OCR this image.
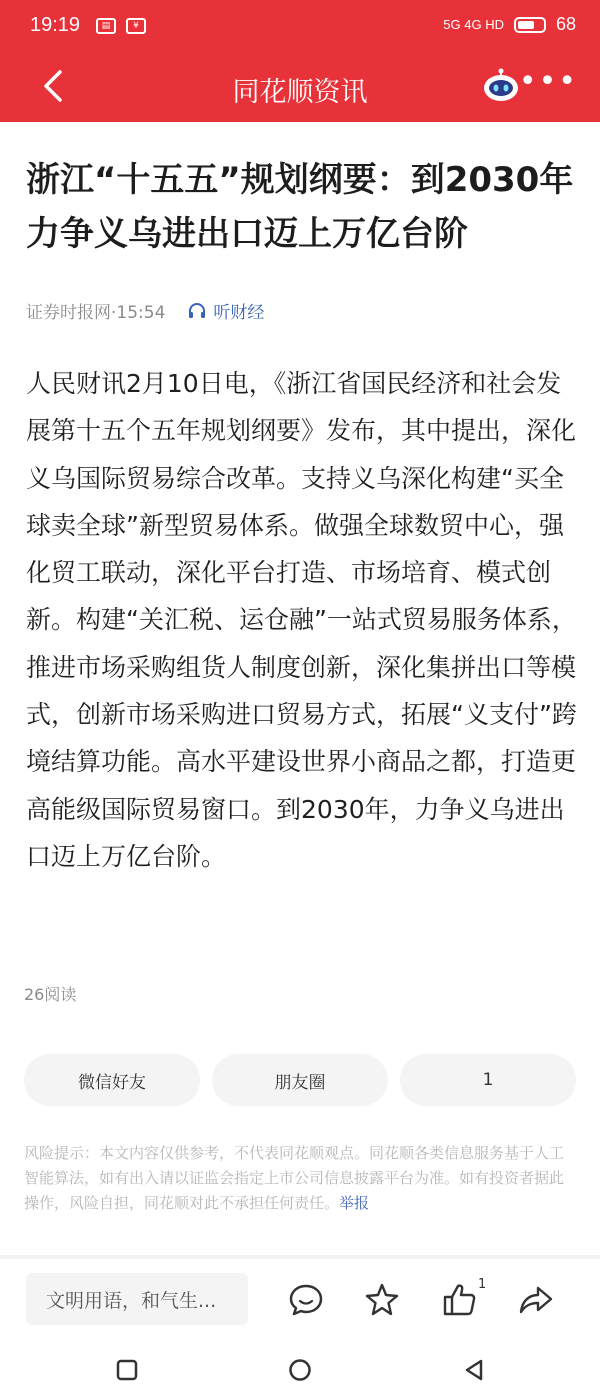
19:19	▤	¥	5G 4G HD	68
同花顺资讯	•••
浙江“十五五”规划纲要：到2030年力争义乌进出口迈上万亿台阶
证券时报网·15:54	听财经

人民财讯2月10日电，《浙江省国民经济和社会发展第十五个五年规划纲要》发布，其中提出，深化义乌国际贸易综合改革。支持义乌深化构建“买全球卖全球”新型贸易体系。做强全球数贸中心，强化贸工联动，深化平台打造、市场培育、模式创新。构建“关汇税、运仓融”一站式贸易服务体系，推进市场采购组货人制度创新，深化集拼出口等模式，创新市场采购进口贸易方式，拓展“义支付”跨境结算功能。高水平建设世界小商品之都，打造更高能级国际贸易窗口。到2030年，力争义乌进出口迈上万亿台阶。

26阅读
微信好友	朋友圈	1

风险提示：本文内容仅供参考，不代表同花顺观点。同花顺各类信息服务基于人工智能算法，如有出入请以证监会指定上市公司信息披露平台为准。如有投资者据此操作，风险自担，同花顺对此不承担任何责任。举报

文明用语，和气生...
1
